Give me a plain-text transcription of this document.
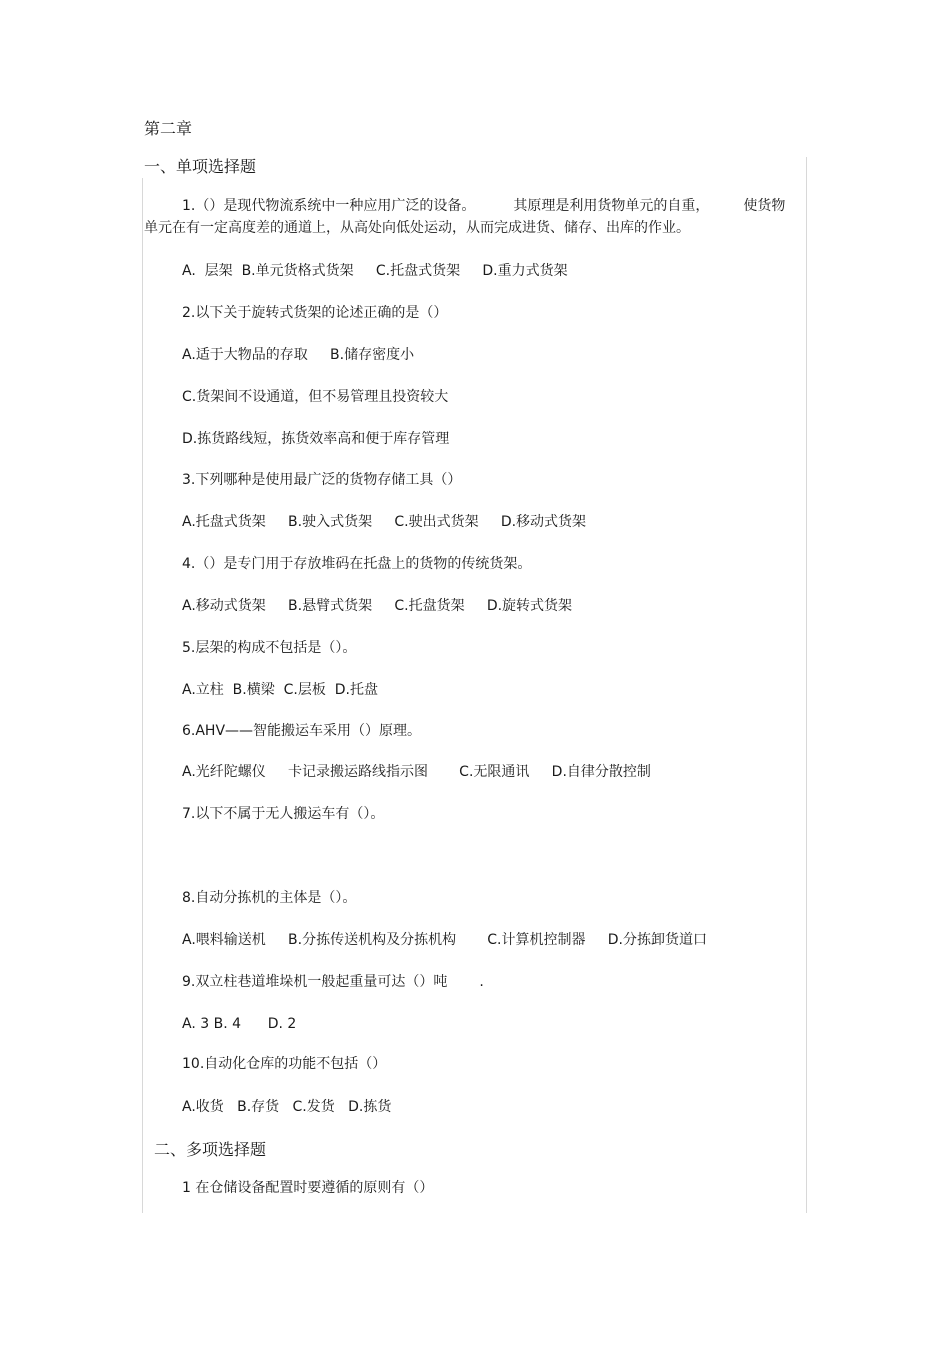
第二章
一、单项选择题
1.（）是现代物流系统中一种应用广泛的设备。	其原理是利用货物单元的自重， 使货物
单元在有一定高度差的通道上，从高处向低处运动，从而完成进货、储存、出库的作业。
A.  层架  B.单元货格式货架     C.托盘式货架     D.重力式货架
2.以下关于旋转式货架的论述正确的是（）
A.适于大物品的存取     B.储存密度小
C.货架间不设通道，但不易管理且投资较大
D.拣货路线短，拣货效率高和便于库存管理
3.下列哪种是使用最广泛的货物存储工具（）
A.托盘式货架     B.驶入式货架     C.驶出式货架     D.移动式货架
4.（）是专门用于存放堆码在托盘上的货物的传统货架。
A.移动式货架     B.悬臂式货架     C.托盘货架     D.旋转式货架
5.层架的构成不包括是（）。
A.立柱  B.横梁  C.层板  D.托盘
6.AHV——智能搬运车采用（）原理。
A.光纤陀螺仪     卡记录搬运路线指示图       C.无限通讯     D.自律分散控制
7.以下不属于无人搬运车有（）。
8.自动分拣机的主体是（）。
A.喂料输送机     B.分拣传送机构及分拣机构       C.计算机控制器     D.分拣卸货道口
9.双立柱巷道堆垛机一般起重量可达（）吨 .
A. 3 B. 4      D. 2
10.自动化仓库的功能不包括（）
A.收货   B.存货   C.发货   D.拣货
二、多项选择题
1 在仓储设备配置时要遵循的原则有（）
